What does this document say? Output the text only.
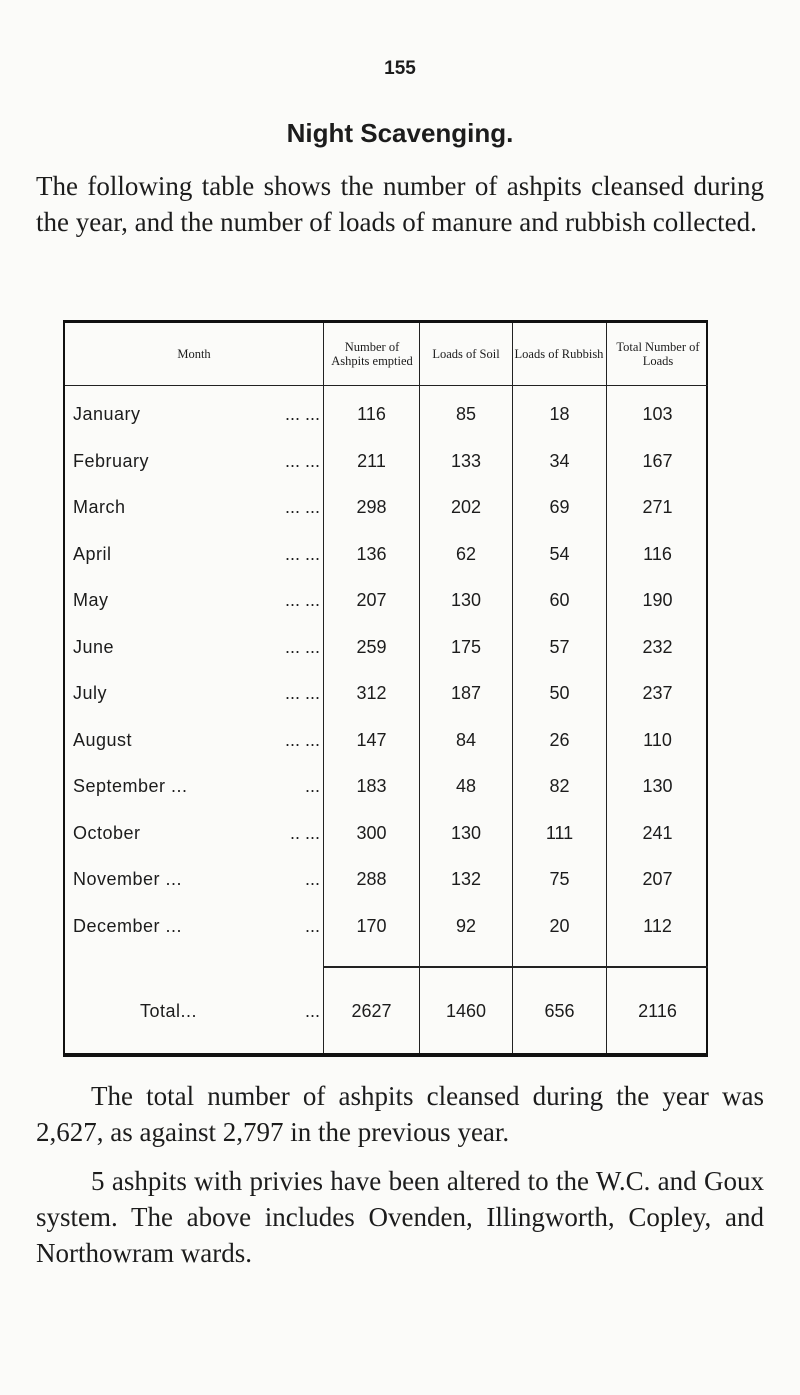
155
Night Scavenging.

The following table shows the number of ashpits cleansed during the year, and the number of loads of manure and rubbish collected.

Month	Number of Ashpits emptied	Loads of Soil	Loads of Rubbish	Total Number of Loads
January	... ...	116	85	18	103
February	... ...	211	133	34	167
March	... ...	298	202	69	271
April	... ...	136	62	54	116
May	... ...	207	130	60	190
June	... ...	259	175	57	232
July	... ...	312	187	50	237
August	... ...	147	84	26	110
September ...	...	183	48	82	130
October	.. ...	300	130	111	241
November ...	...	288	132	75	207
December ...	...	170	92	20	112
Total...	...	2627	1460	656	2116

The total number of ashpits cleansed during the year was 2,627, as against 2,797 in the previous year.

5 ashpits with privies have been altered to the W.C. and Goux system. The above includes Ovenden, Illingworth, Copley, and Northowram wards.
